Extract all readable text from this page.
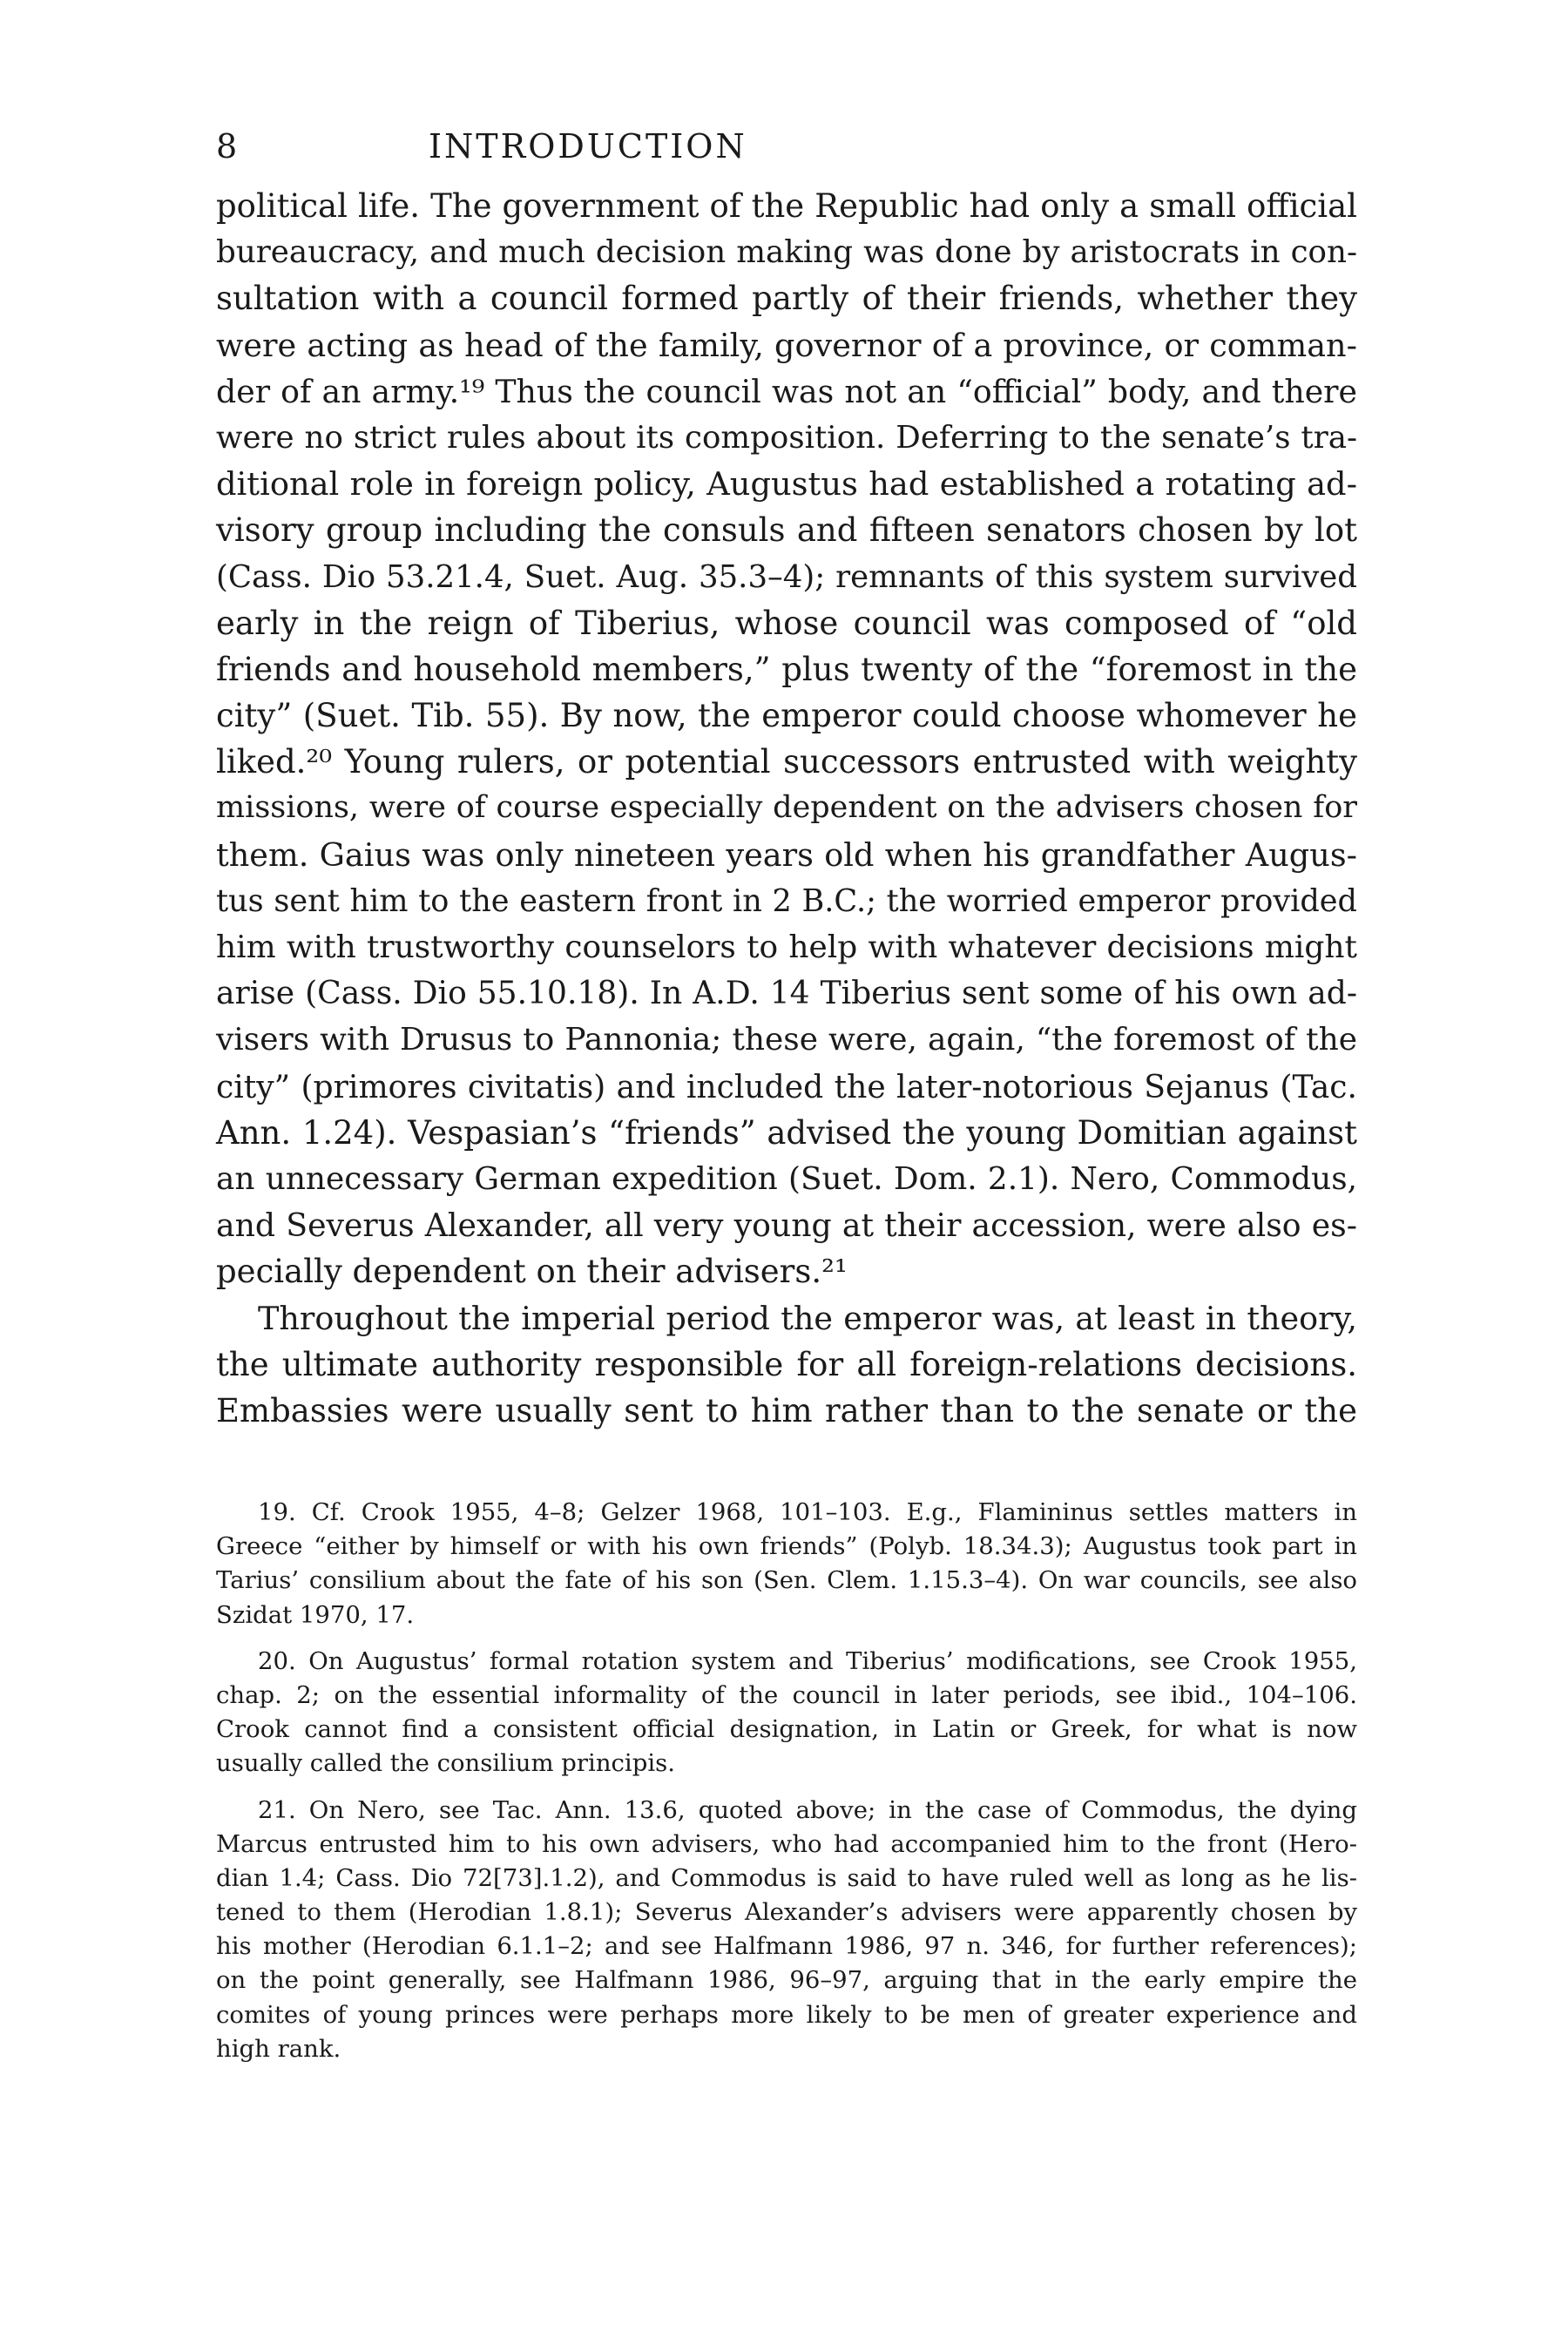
8	INTRODUCTION
political life. The government of the Republic had only a small official
bureaucracy, and much decision making was done by aristocrats in con-
sultation with a council formed partly of their friends, whether they
were acting as head of the family, governor of a province, or comman-
der of an army.¹⁹ Thus the council was not an “official” body, and there
were no strict rules about its composition. Deferring to the senate’s tra-
ditional role in foreign policy, Augustus had established a rotating ad-
visory group including the consuls and fifteen senators chosen by lot
(Cass. Dio 53.21.4, Suet. Aug. 35.3–4); remnants of this system survived
early in the reign of Tiberius, whose council was composed of “old
friends and household members,” plus twenty of the “foremost in the
city” (Suet. Tib. 55). By now, the emperor could choose whomever he
liked.²⁰ Young rulers, or potential successors entrusted with weighty
missions, were of course especially dependent on the advisers chosen for
them. Gaius was only nineteen years old when his grandfather Augus-
tus sent him to the eastern front in 2 B.C.; the worried emperor provided
him with trustworthy counselors to help with whatever decisions might
arise (Cass. Dio 55.10.18). In A.D. 14 Tiberius sent some of his own ad-
visers with Drusus to Pannonia; these were, again, “the foremost of the
city” (primores civitatis) and included the later-notorious Sejanus (Tac.
Ann. 1.24). Vespasian’s “friends” advised the young Domitian against
an unnecessary German expedition (Suet. Dom. 2.1). Nero, Commodus,
and Severus Alexander, all very young at their accession, were also es-
pecially dependent on their advisers.²¹
Throughout the imperial period the emperor was, at least in theory,
the ultimate authority responsible for all foreign-relations decisions.
Embassies were usually sent to him rather than to the senate or the
19. Cf. Crook 1955, 4–8; Gelzer 1968, 101–103. E.g., Flamininus settles matters in
Greece “either by himself or with his own friends” (Polyb. 18.34.3); Augustus took part in
Tarius’ consilium about the fate of his son (Sen. Clem. 1.15.3–4). On war councils, see also
Szidat 1970, 17.
20. On Augustus’ formal rotation system and Tiberius’ modifications, see Crook 1955,
chap. 2; on the essential informality of the council in later periods, see ibid., 104–106.
Crook cannot find a consistent official designation, in Latin or Greek, for what is now
usually called the consilium principis.
21. On Nero, see Tac. Ann. 13.6, quoted above; in the case of Commodus, the dying
Marcus entrusted him to his own advisers, who had accompanied him to the front (Hero-
dian 1.4; Cass. Dio 72[73].1.2), and Commodus is said to have ruled well as long as he lis-
tened to them (Herodian 1.8.1); Severus Alexander’s advisers were apparently chosen by
his mother (Herodian 6.1.1–2; and see Halfmann 1986, 97 n. 346, for further references);
on the point generally, see Halfmann 1986, 96–97, arguing that in the early empire the
comites of young princes were perhaps more likely to be men of greater experience and
high rank.
